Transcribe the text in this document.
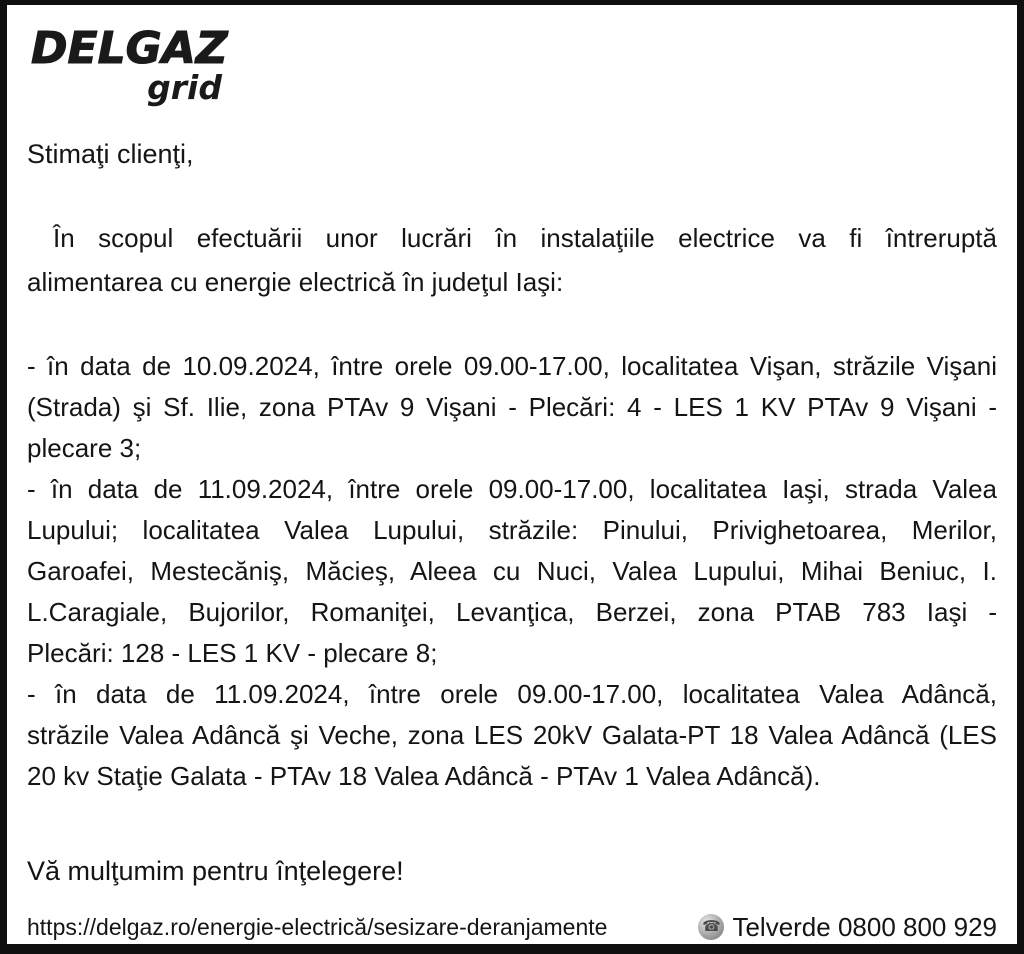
DELGAZ
grid
Stimaţi clienţi,
În scopul efectuării unor lucrări în instalaţiile electrice va fi întreruptă
alimentarea cu energie electrică în judeţul Iaşi:
- în data de 10.09.2024, între orele 09.00-17.00, localitatea Vişan, străzile Vişani
(Strada) şi Sf. Ilie, zona PTAv 9 Vişani - Plecări: 4 - LES 1 KV PTAv 9 Vişani -
plecare 3;
- în data de 11.09.2024, între orele 09.00-17.00, localitatea Iaşi, strada Valea
Lupului; localitatea Valea Lupului, străzile: Pinului, Privighetoarea, Merilor,
Garoafei, Mestecăniş, Măcieş, Aleea cu Nuci, Valea Lupului, Mihai Beniuc, I.
L.Caragiale, Bujorilor, Romaniţei, Levanţica, Berzei, zona PTAB 783 Iaşi -
Plecări: 128 - LES 1 KV - plecare 8;
- în data de 11.09.2024, între orele 09.00-17.00, localitatea Valea Adâncă,
străzile Valea Adâncă şi Veche, zona LES 20kV Galata-PT 18 Valea Adâncă (LES
20 kv Staţie Galata - PTAv 18 Valea Adâncă - PTAv 1 Valea Adâncă).
Vă mulţumim pentru înţelegere!
https://delgaz.ro/energie-electrică/sesizare-deranjamente ☎	Telverde 0800 800 929
